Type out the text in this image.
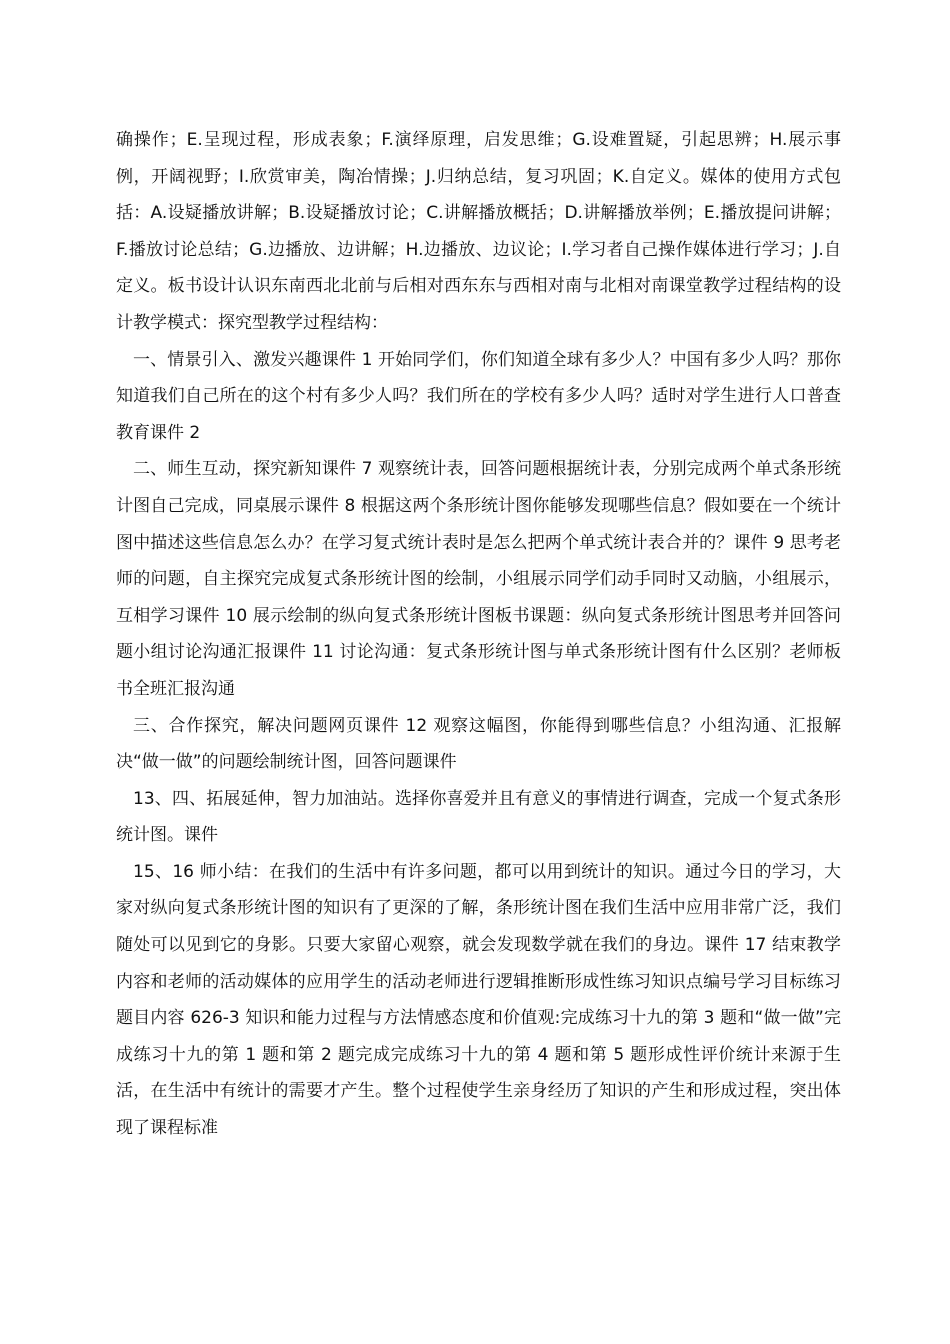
确操作；E.呈现过程，形成表象；F.演绎原理，启发思维；G.设难置疑，引起思辨；H.展示事例，开阔视野；I.欣赏审美，陶冶情操；J.归纳总结，复习巩固；K.自定义。媒体的使用方式包括：A.设疑播放讲解；B.设疑播放讨论；C.讲解播放概括；D.讲解播放举例；E.播放提问讲解；F.播放讨论总结；G.边播放、边讲解；H.边播放、边议论；I.学习者自己操作媒体进行学习；J.自定义。板书设计认识东南西北北前与后相对西东东与西相对南与北相对南课堂教学过程结构的设计教学模式：探究型教学过程结构：

一、情景引入、激发兴趣课件 1 开始同学们，你们知道全球有多少人？中国有多少人吗？那你知道我们自己所在的这个村有多少人吗？我们所在的学校有多少人吗？适时对学生进行人口普查教育课件 2

二、师生互动，探究新知课件 7 观察统计表，回答问题根据统计表，分别完成两个单式条形统计图自己完成，同桌展示课件 8 根据这两个条形统计图你能够发现哪些信息？假如要在一个统计图中描述这些信息怎么办？在学习复式统计表时是怎么把两个单式统计表合并的？课件 9 思考老师的问题，自主探究完成复式条形统计图的绘制，小组展示同学们动手同时又动脑，小组展示，互相学习课件 10 展示绘制的纵向复式条形统计图板书课题：纵向复式条形统计图思考并回答问题小组讨论沟通汇报课件 11 讨论沟通：复式条形统计图与单式条形统计图有什么区别？老师板书全班汇报沟通

三、合作探究，解决问题网页课件 12 观察这幅图，你能得到哪些信息？小组沟通、汇报解决“做一做”的问题绘制统计图，回答问题课件

13、四、拓展延伸，智力加油站。选择你喜爱并且有意义的事情进行调查，完成一个复式条形统计图。课件

15、16 师小结：在我们的生活中有许多问题，都可以用到统计的知识。通过今日的学习，大家对纵向复式条形统计图的知识有了更深的了解，条形统计图在我们生活中应用非常广泛，我们随处可以见到它的身影。只要大家留心观察，就会发现数学就在我们的身边。课件 17 结束教学内容和老师的活动媒体的应用学生的活动老师进行逻辑推断形成性练习知识点编号学习目标练习题目内容 626-3 知识和能力过程与方法情感态度和价值观:完成练习十九的第 3 题和“做一做”完成练习十九的第 1 题和第 2 题完成完成练习十九的第 4 题和第 5 题形成性评价统计来源于生活，在生活中有统计的需要才产生。整个过程使学生亲身经历了知识的产生和形成过程，突出体现了课程标准
